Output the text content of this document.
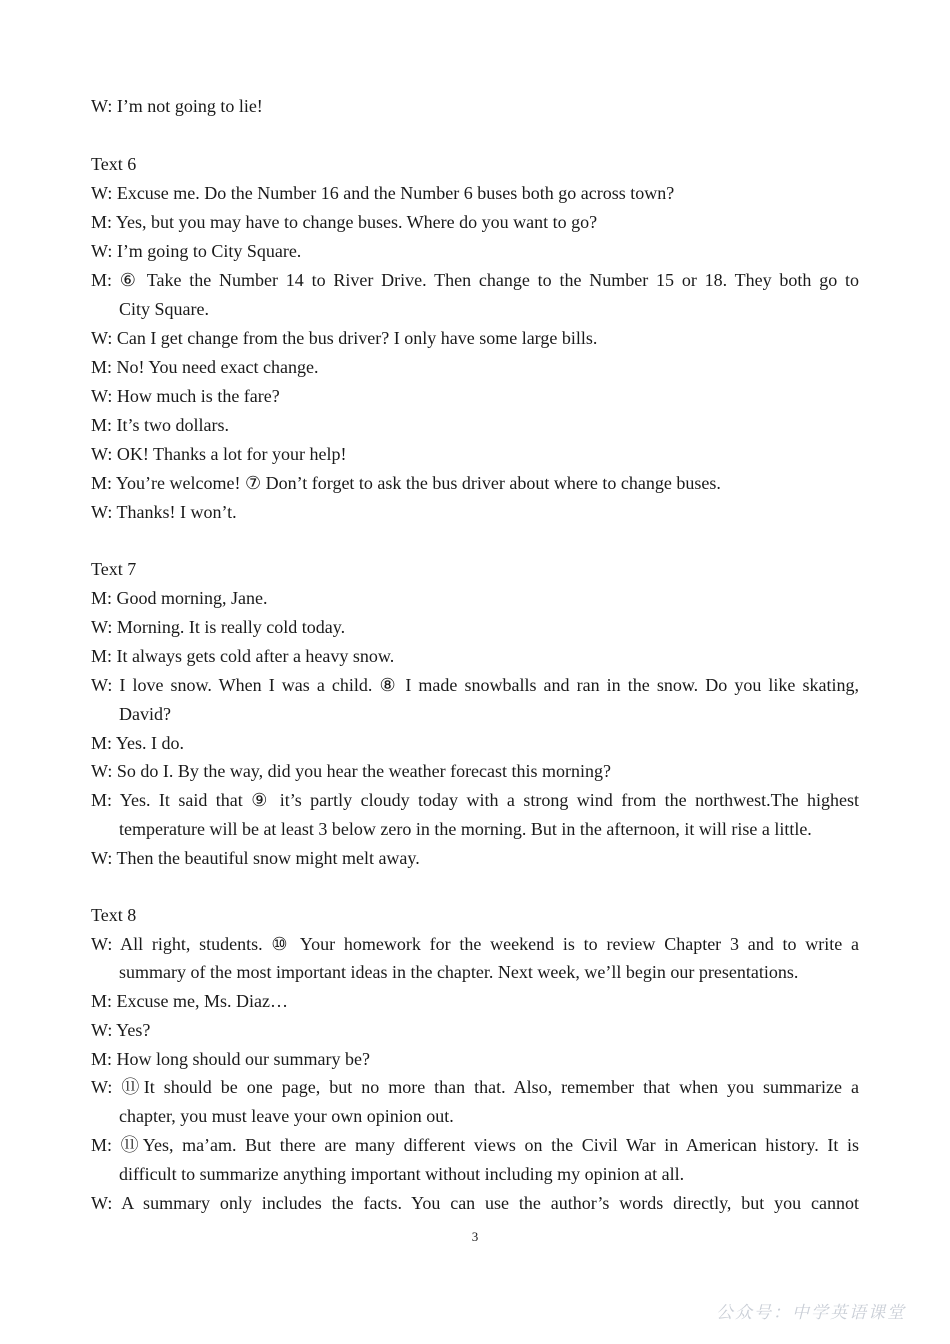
W: I’m not going to lie!
Text 6
W: Excuse me. Do the Number 16 and the Number 6 buses both go across town?
M: Yes, but you may have to change buses. Where do you want to go?
W: I’m going to City Square.
M: ⑥ Take the Number 14 to River Drive. Then change to the Number 15 or 18. They both go to
City Square.
W: Can I get change from the bus driver? I only have some large bills.
M: No! You need exact change.
W: How much is the fare?
M: It’s two dollars.
W: OK! Thanks a lot for your help!
M: You’re welcome! ⑦ Don’t forget to ask the bus driver about where to change buses.
W: Thanks! I won’t.
Text 7
M: Good morning, Jane.
W: Morning. It is really cold today.
M: It always gets cold after a heavy snow.
W: I love snow. When I was a child. ⑧ I made snowballs and ran in the snow. Do you like skating,
David?
M: Yes. I do.
W: So do I. By the way, did you hear the weather forecast this morning?
M: Yes. It said that ⑨ it’s partly cloudy today with a strong wind from the northwest.The highest
temperature will be at least 3 below zero in the morning. But in the afternoon, it will rise a little.
W: Then the beautiful snow might melt away.
Text 8
W: All right, students. ⑩ Your homework for the weekend is to review Chapter 3 and to write a
summary of the most important ideas in the chapter. Next week, we’ll begin our presentations.
M: Excuse me, Ms. Diaz…
W: Yes?
M: How long should our summary be?
W: ⑪It should be one page, but no more than that. Also, remember that when you summarize a
chapter, you must leave your own opinion out.
M: ⑪Yes, ma’am. But there are many different views on the Civil War in American history. It is
difficult to summarize anything important without including my opinion at all.
W: A summary only includes the facts. You can use the author’s words directly, but you cannot
3
公众号：中学英语课堂
